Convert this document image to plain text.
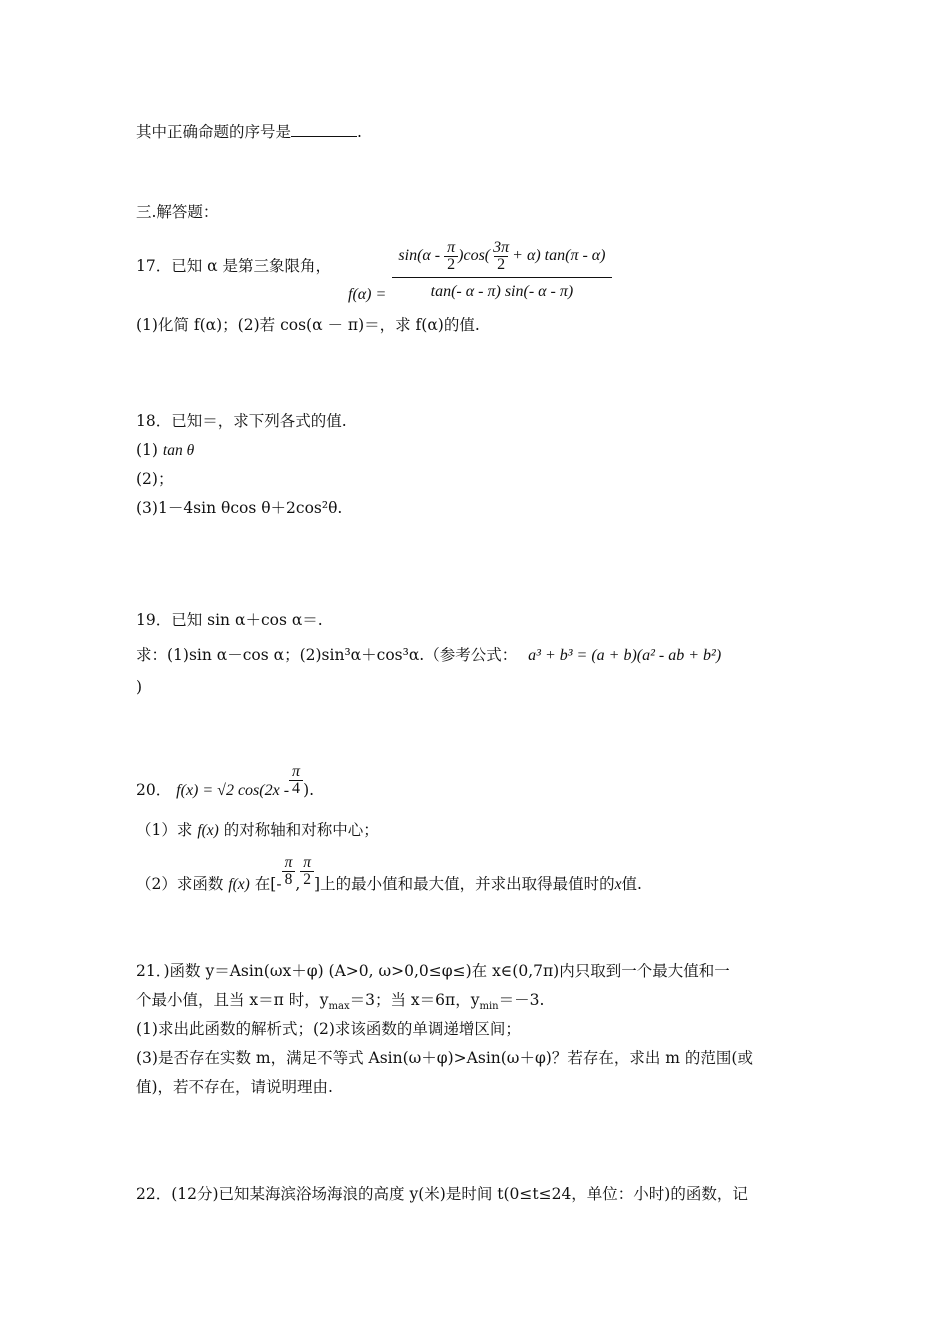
其中正确命题的序号是	.
三.解答题：
17．已知 α 是第三象限角，
$f(\alpha) = \frac{\sin(\alpha - \frac{\pi}{2} )\cos( \frac{3\pi}{2} + \alpha) \tan(\pi - \alpha)}{\tan(- \alpha - \pi) \sin(- \alpha - \pi)}$
(1)化简 f(α)；(2)若 cos(α － π)＝，求 f(α)的值.
18．已知＝，求下列各式的值.
(1) tan θ
(2)；
(3)1－4sin θcos θ＋2cos²θ.
19．已知 sin α＋cos α＝.
求：(1)sin α－cos α；(2)sin³α＋cos³α.（参考公式： a³ + b³ = (a + b)(a² - ab + b²)
)
20． f(x) = √2 $\cos(2x - \frac{\pi}{4}$ ).
（1）求 f(x) 的对称轴和对称中心；
（2）求函数 f(x) 在[- $\frac{\pi}{8}$ , $\frac{\pi}{2}$ ]上的最小值和最大值，并求出取得最值时的x值.
21．)函数 y＝Asin(ωx＋φ) (A>0, ω>0,0≤φ≤)在 x∈(0,7π)内只取到一个最大值和一
个最小值，且当 x＝π 时，$y_{max}=3$；当 x＝6π，$y_{min}=-3$.
(1)求出此函数的解析式；(2)求该函数的单调递增区间；
(3)是否存在实数 m，满足不等式 Asin(ω＋φ)>Asin(ω＋φ)？若存在，求出 m 的范围(或
值)，若不存在，请说明理由.
22．(12分)已知某海滨浴场海浪的高度 y(米)是时间 t(0≤t≤24，单位：小时)的函数，记
